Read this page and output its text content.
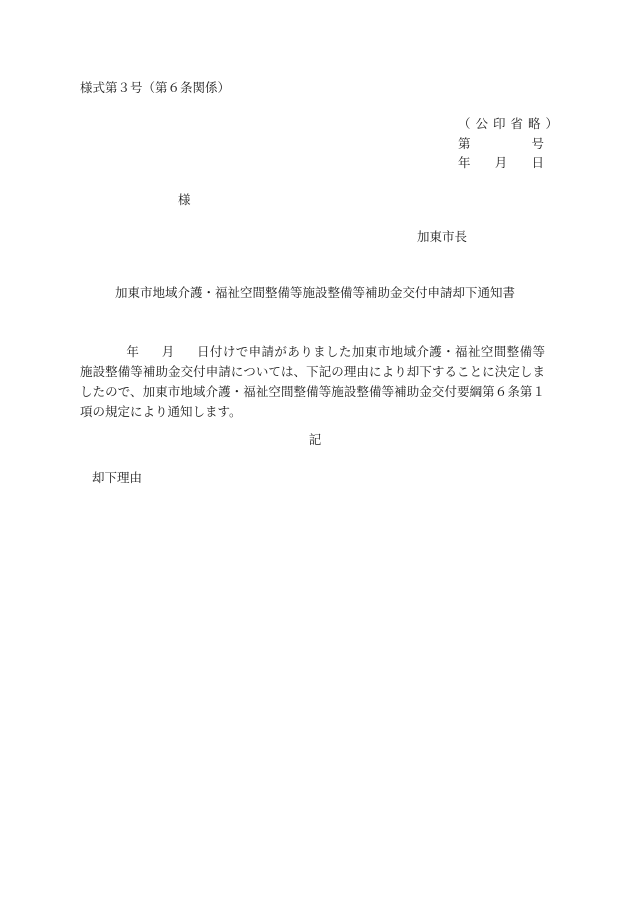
様式第３号（第６条関係）
（公印省略）
第	号
年 月 日
様
加東市長
加東市地域介護・福祉空間整備等施設整備等補助金交付申請却下通知書
年 月 日付けで申請がありました加東市地域介護・福祉空間整備等施設整備等補助金交付申請については、下記の理由により却下することに決定しましたので、加東市地域介護・福祉空間整備等施設整備等補助金交付要綱第６条第１項の規定により通知します。
記
却下理由
